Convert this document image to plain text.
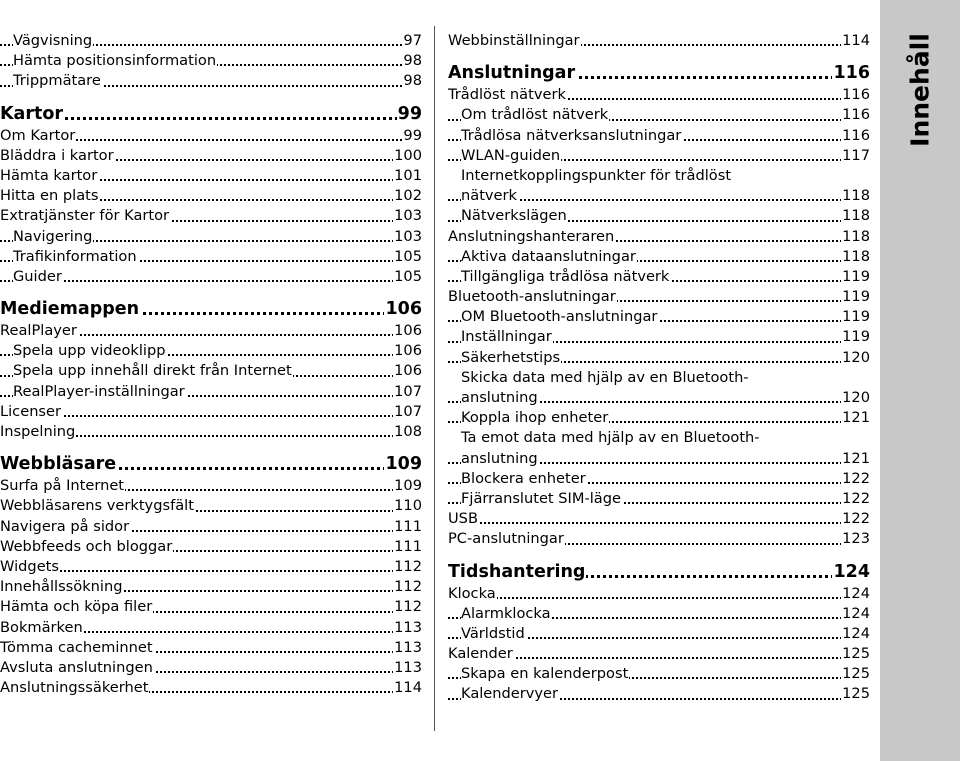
Vägvisning	97
Hämta positionsinformation	98
Trippmätare	98
Kartor	99
Om Kartor	99
Bläddra i kartor	100
Hämta kartor	101
Hitta en plats	102
Extratjänster för Kartor	103
Navigering	103
Trafikinformation	105
Guider	105
Mediemappen	106
RealPlayer	106
Spela upp videoklipp	106
Spela upp innehåll direkt från Internet	106
RealPlayer-inställningar	107
Licenser	107
Inspelning	108
Webbläsare	109
Surfa på Internet	109
Webbläsarens verktygsfält	110
Navigera på sidor	111
Webbfeeds och bloggar	111
Widgets	112
Innehållssökning	112
Hämta och köpa filer	112
Bokmärken	113
Tömma cacheminnet	113
Avsluta anslutningen	113
Anslutningssäkerhet	114
Webbinställningar	114
Anslutningar	116
Trådlöst nätverk	116
Om trådlöst nätverk	116
Trådlösa nätverksanslutningar	116
WLAN-guiden	117
Internetkopplingspunkter för trådlöst
nätverk	118
Nätverkslägen	118
Anslutningshanteraren	118
Aktiva dataanslutningar	118
Tillgängliga trådlösa nätverk	119
Bluetooth-anslutningar	119
OM Bluetooth-anslutningar	119
Inställningar	119
Säkerhetstips	120
Skicka data med hjälp av en Bluetooth-
anslutning	120
Koppla ihop enheter	121
Ta emot data med hjälp av en Bluetooth-
anslutning	121
Blockera enheter	122
Fjärranslutet SIM-läge	122
USB	122
PC-anslutningar	123
Tidshantering	124
Klocka	124
Alarmklocka	124
Världstid	124
Kalender	125
Skapa en kalenderpost	125
Kalendervyer	125
Innehåll
